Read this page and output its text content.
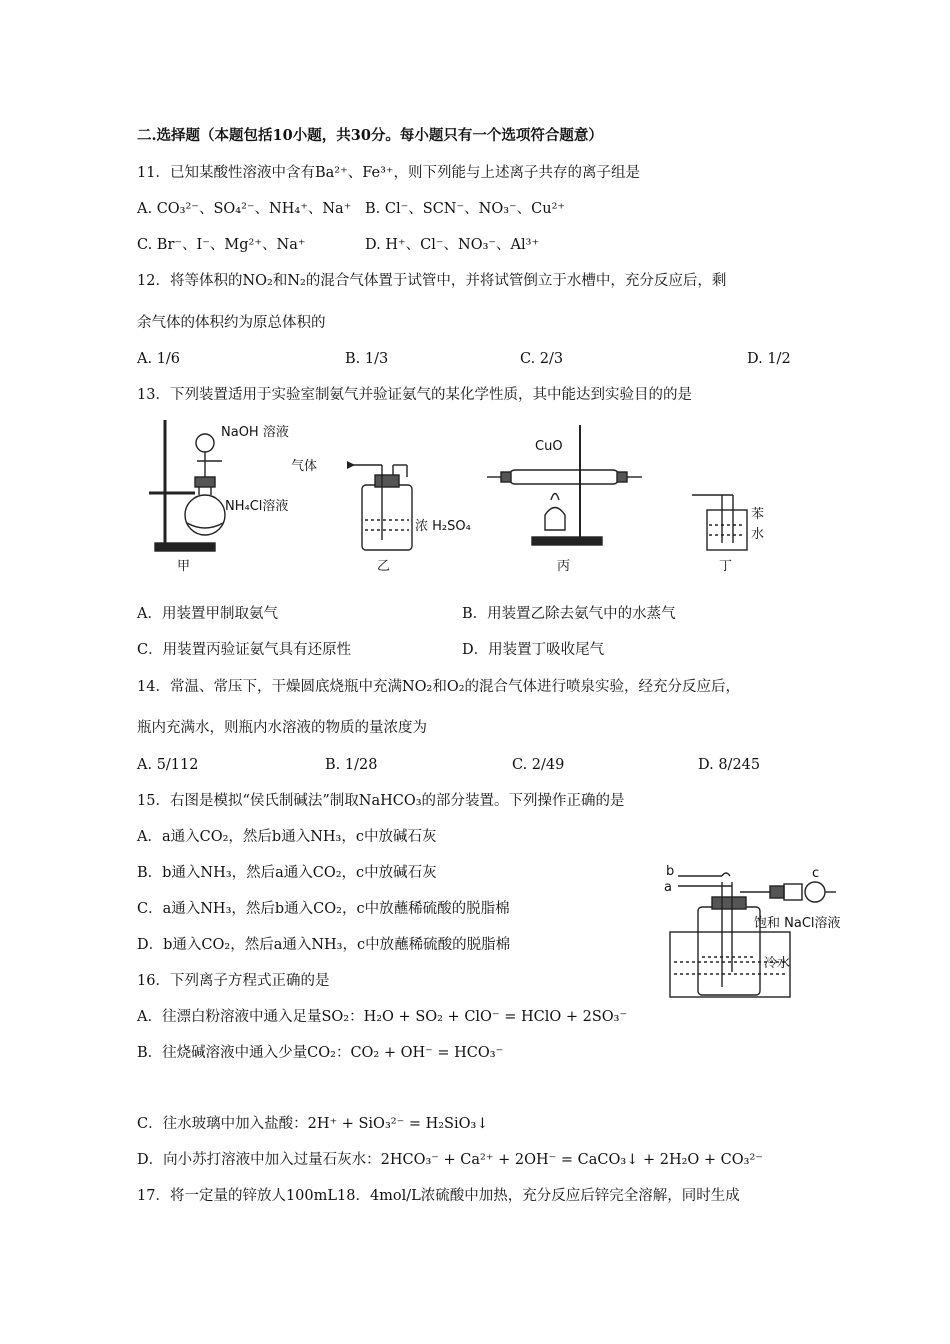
二.选择题（本题包括10小题，共30分。每小题只有一个选项符合题意）
11．已知某酸性溶液中含有Ba²⁺、Fe³⁺，则下列能与上述离子共存的离子组是
A. CO₃²⁻、SO₄²⁻、NH₄⁺、Na⁺ B. Cl⁻、SCN⁻、NO₃⁻、Cu²⁺
C. Br⁻、I⁻、Mg²⁺、Na⁺	D. H⁺、Cl⁻、NO₃⁻、Al³⁺
12．将等体积的NO₂和N₂的混合气体置于试管中，并将试管倒立于水槽中，充分反应后，剩
余气体的体积约为原总体积的
A. 1/6	B. 1/3	C. 2/3	D. 1/2
13．下列装置适用于实验室制氨气并验证氨气的某化学性质，其中能达到实验目的的是
NaOH 溶液
NH₄Cl溶液
甲
气体
浓 H₂SO₄
乙
CuO
丙
苯
水
丁
A．用装置甲制取氨气	B．用装置乙除去氨气中的水蒸气
C．用装置丙验证氨气具有还原性	D．用装置丁吸收尾气
14．常温、常压下，干燥圆底烧瓶中充满NO₂和O₂的混合气体进行喷泉实验，经充分反应后，
瓶内充满水，则瓶内水溶液的物质的量浓度为
A. 5/112	B. 1/28	C. 2/49	D. 8/245
15．右图是模拟“侯氏制碱法”制取NaHCO₃的部分装置。下列操作正确的是
A．a通入CO₂，然后b通入NH₃，c中放碱石灰
B．b通入NH₃，然后a通入CO₂，c中放碱石灰
C．a通入NH₃，然后b通入CO₂，c中放蘸稀硫酸的脱脂棉
D．b通入CO₂，然后a通入NH₃，c中放蘸稀硫酸的脱脂棉
b
a
c
饱和 NaCl溶液
冷水
16．下列离子方程式正确的是
A．往漂白粉溶液中通入足量SO₂：H₂O + SO₂ + ClO⁻ = HClO + 2SO₃⁻
B．往烧碱溶液中通入少量CO₂：CO₂ + OH⁻ = HCO₃⁻
C．往水玻璃中加入盐酸：2H⁺ + SiO₃²⁻ = H₂SiO₃↓
D．向小苏打溶液中加入过量石灰水：2HCO₃⁻ + Ca²⁺ + 2OH⁻ = CaCO₃↓ + 2H₂O + CO₃²⁻
17．将一定量的锌放人100mL18．4mol/L浓硫酸中加热，充分反应后锌完全溶解，同时生成
